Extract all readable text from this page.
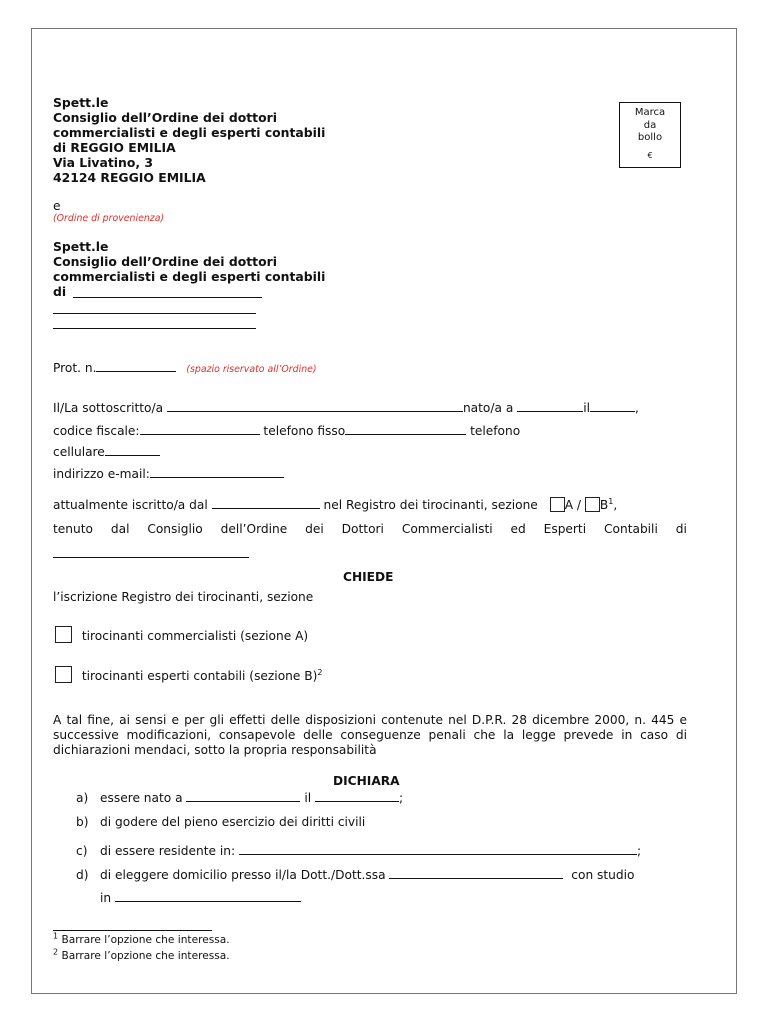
Spett.le
Consiglio dell’Ordine dei dottori
commercialisti e degli esperti contabili
di REGGIO EMILIA
Via Livatino, 3
42124 REGGIO EMILIA
Marca
da
bollo
€
e
(Ordine di provenienza)
Spett.le
Consiglio dell’Ordine dei dottori
commercialisti e degli esperti contabili
di
Prot. n.	(spazio riservato all’Ordine)
Il/La sottoscritto/a	nato/a a	il	,
codice fiscale:	telefono fisso	telefono
cellulare
indirizzo e-mail:
attualmente iscritto/a dal	nel Registro dei tirocinanti, sezione A / $B^1$,
tenuto dal Consiglio dell’Ordine dei Dottori Commercialisti ed Esperti Contabili di
CHIEDE
l’iscrizione Registro dei tirocinanti, sezione
tirocinanti commercialisti (sezione A)
tirocinanti esperti contabili (sezione B)$^2$
A tal fine, ai sensi e per gli effetti delle disposizioni contenute nel D.P.R. 28 dicembre 2000, n. 445 e successive modificazioni, consapevole delle conseguenze penali che la legge prevede in caso di dichiarazioni mendaci, sotto la propria responsabilità
DICHIARA
a) essere nato a	il	;
b) di godere del pieno esercizio dei diritti civili
c) di essere residente in:	;
d) di eleggere domicilio presso il/la Dott./Dott.ssa	con studio
in
$^1$ Barrare l’opzione che interessa.
$^2$ Barrare l’opzione che interessa.
